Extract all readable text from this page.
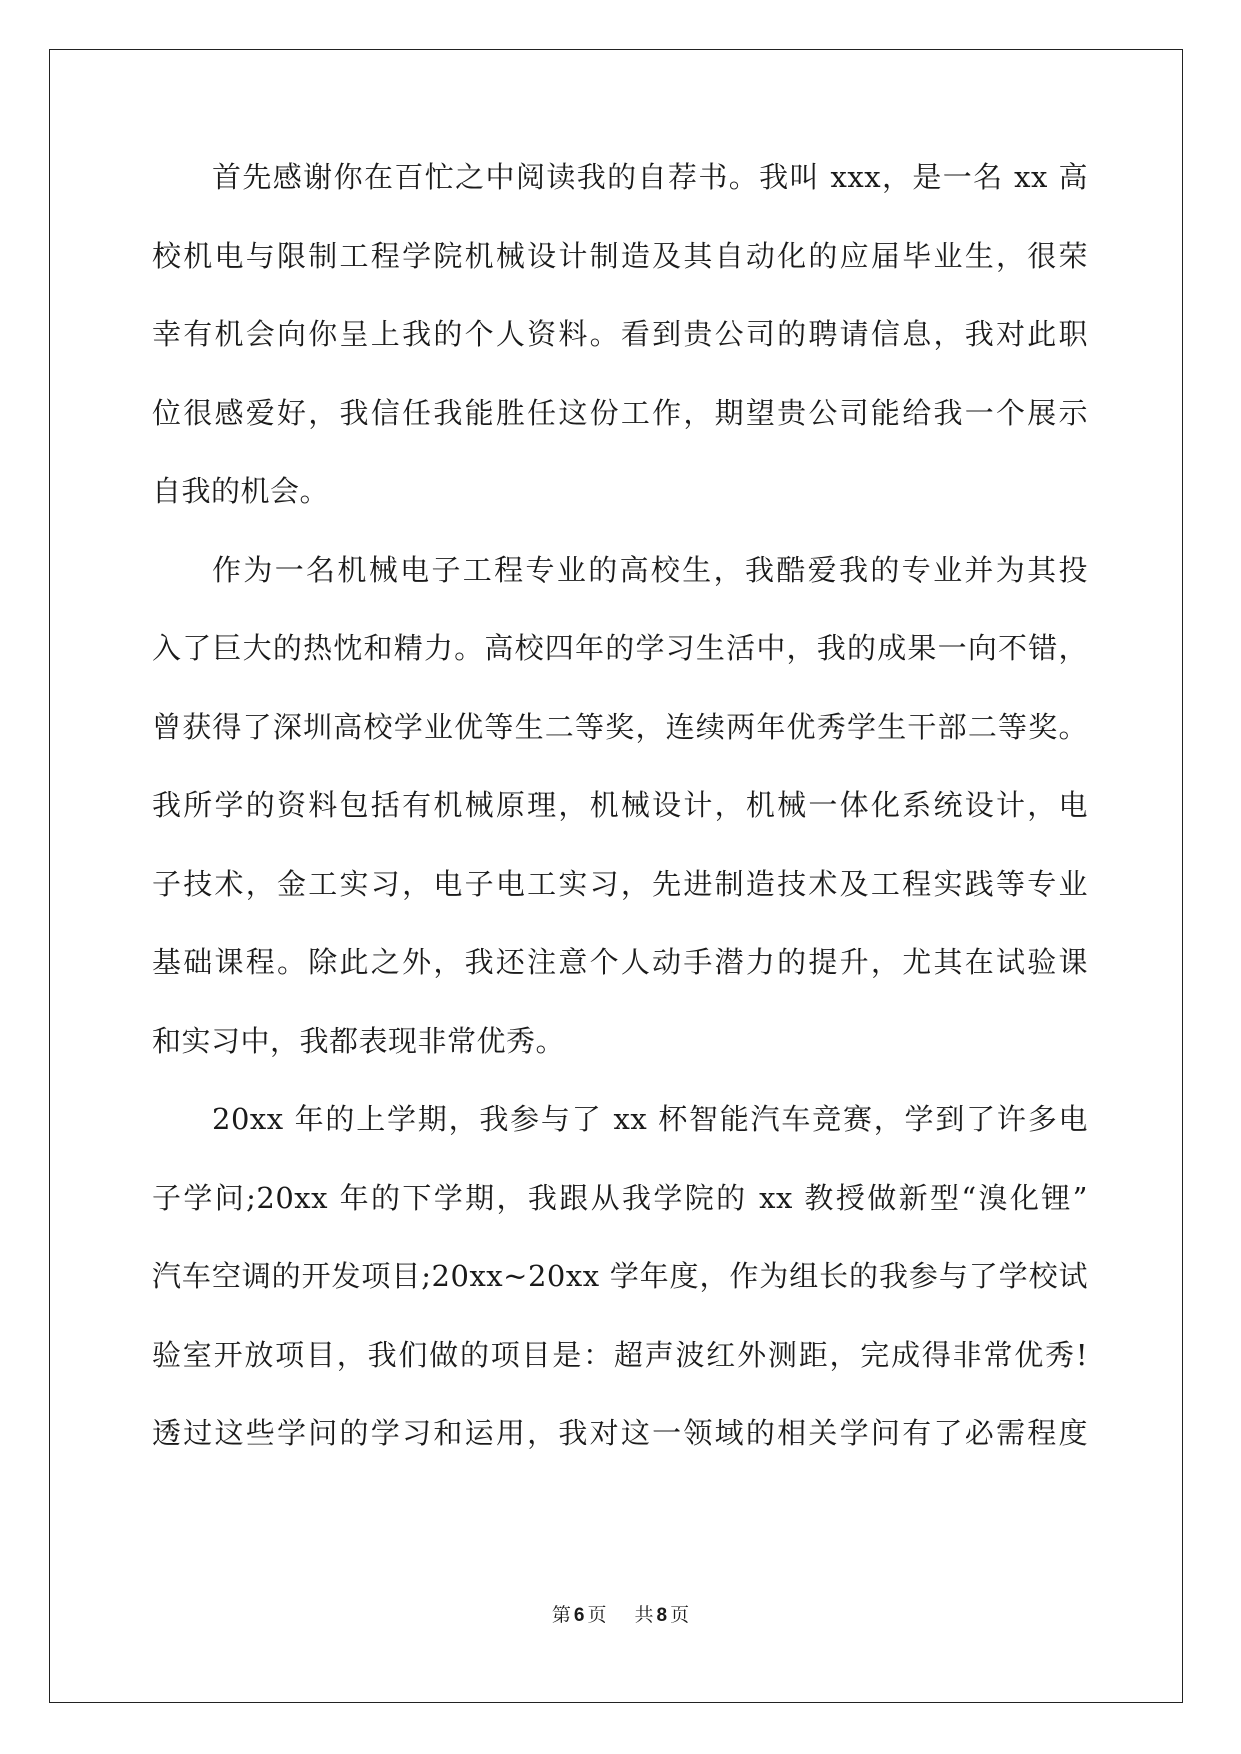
首先感谢你在百忙之中阅读我的自荐书。我叫 xxx，是一名 xx 高
校机电与限制工程学院机械设计制造及其自动化的应届毕业生，很荣
幸有机会向你呈上我的个人资料。看到贵公司的聘请信息，我对此职
位很感爱好，我信任我能胜任这份工作，期望贵公司能给我一个展示
自我的机会。
作为一名机械电子工程专业的高校生，我酷爱我的专业并为其投
入了巨大的热忱和精力。高校四年的学习生活中，我的成果一向不错，
曾获得了深圳高校学业优等生二等奖，连续两年优秀学生干部二等奖。
我所学的资料包括有机械原理，机械设计，机械一体化系统设计，电
子技术，金工实习，电子电工实习，先进制造技术及工程实践等专业
基础课程。除此之外，我还注意个人动手潜力的提升，尤其在试验课
和实习中，我都表现非常优秀。
20xx 年的上学期，我参与了 xx 杯智能汽车竞赛，学到了许多电
子学问;20xx 年的下学期，我跟从我学院的 xx 教授做新型“溴化锂”
汽车空调的开发项目;20xx~20xx 学年度，作为组长的我参与了学校试
验室开放项目，我们做的项目是：超声波红外测距，完成得非常优秀!
透过这些学问的学习和运用，我对这一领域的相关学问有了必需程度
第 6 页 共 8 页
